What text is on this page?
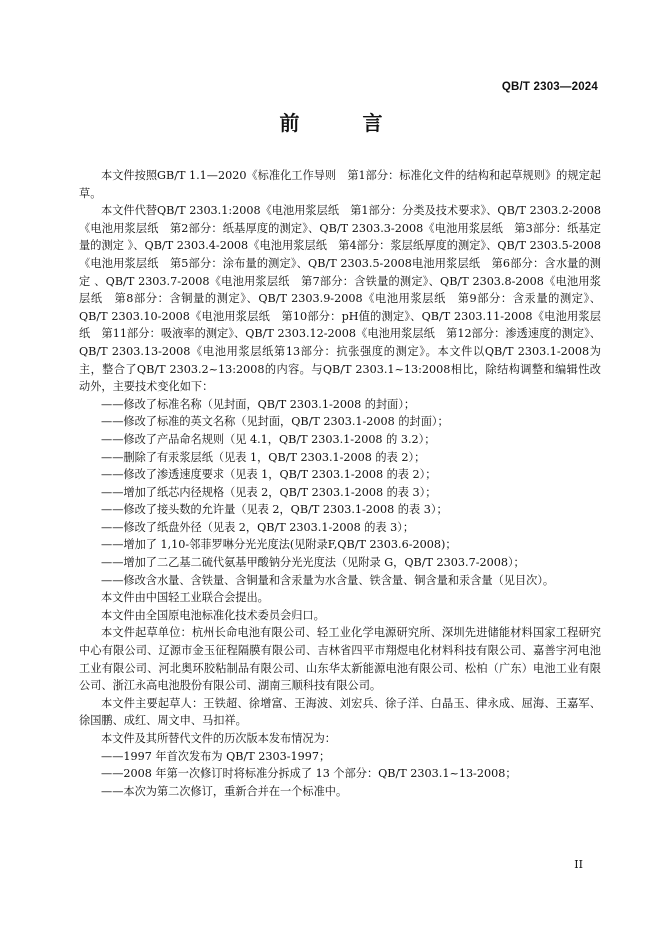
QB/T 2303—2024
前 言

本文件按照GB/T 1.1—2020《标准化工作导则　第1部分：标准化文件的结构和起草规则》的规定起草。

本文件代替QB/T 2303.1:2008《电池用浆层纸　第1部分：分类及技术要求》、QB/T 2303.2-2008 《电池用浆层纸　第2部分：纸基厚度的测定》、QB/T 2303.3-2008《电池用浆层纸　第3部分：纸基定量的测定 》、QB/T 2303.4-2008《电池用浆层纸　第4部分：浆层纸厚度的测定》、QB/T 2303.5-2008《电池用浆层纸　第5部分：涂布量的测定》、QB/T 2303.5-2008电池用浆层纸　第6部分：含水量的测定 、QB/T 2303.7-2008《电池用浆层纸　第7部分：含铁量的测定》、QB/T 2303.8-2008《电池用浆层纸　第8部分：含铜量的测定》、QB/T 2303.9-2008《电池用浆层纸　第9部分：含汞量的测定》、QB/T 2303.10-2008《电池用浆层纸　第10部分：pH值的测定》、QB/T 2303.11-2008《电池用浆层纸　第11部分：吸液率的测定》、QB/T 2303.12-2008《电池用浆层纸　第12部分：渗透速度的测定》、QB/T 2303.13-2008《电池用浆层纸第13部分：抗张强度的测定》。本文件以QB/T 2303.1-2008为主，整合了QB/T 2303.2~13:2008的内容。与QB/T 2303.1~13:2008相比，除结构调整和编辑性改动外，主要技术变化如下：

——修改了标准名称（见封面，QB/T 2303.1-2008 的封面）；
——修改了标准的英文名称（见封面，QB/T 2303.1-2008 的封面）；
——修改了产品命名规则（见 4.1，QB/T 2303.1-2008 的 3.2）；
——删除了有汞浆层纸（见表 1，QB/T 2303.1-2008 的表 2）；
——修改了渗透速度要求（见表 1，QB/T 2303.1-2008 的表 2）；
——增加了纸芯内径规格（见表 2，QB/T 2303.1-2008 的表 3）；
——修改了接头数的允许量（见表 2，QB/T 2303.1-2008 的表 3）；
——修改了纸盘外径（见表 2，QB/T 2303.1-2008 的表 3）；
——增加了 1,10-邻菲罗啉分光光度法(见附录F,QB/T 2303.6-2008)；
——增加了二乙基二硫代氨基甲酸钠分光光度法（见附录 G，QB/T 2303.7-2008）；
——修改含水量、含铁量、含铜量和含汞量为水含量、铁含量、铜含量和汞含量（见目次）。

本文件由中国轻工业联合会提出。

本文件由全国原电池标准化技术委员会归口。

本文件起草单位：杭州长命电池有限公司、轻工业化学电源研究所、深圳先进储能材料国家工程研究中心有限公司、辽源市金玉征程隔膜有限公司、吉林省四平市翔煜电化材料科技有限公司、嘉善宇河电池工业有限公司、河北奥环胶粘制品有限公司、山东华太新能源电池有限公司、松柏（广东）电池工业有限公司、浙江永高电池股份有限公司、湖南三顺科技有限公司。

本文件主要起草人：王铁超、徐增富、王海波、刘宏兵、徐子洋、白晶玉、律永成、屈海、王嘉军、徐国鹏、成红、周文申、马扣祥。

本文件及其所替代文件的历次版本发布情况为：

——1997 年首次发布为 QB/T 2303-1997；
——2008 年第一次修订时将标准分拆成了 13 个部分：QB/T 2303.1~13-2008；
——本次为第二次修订，重新合并在一个标准中。
II
